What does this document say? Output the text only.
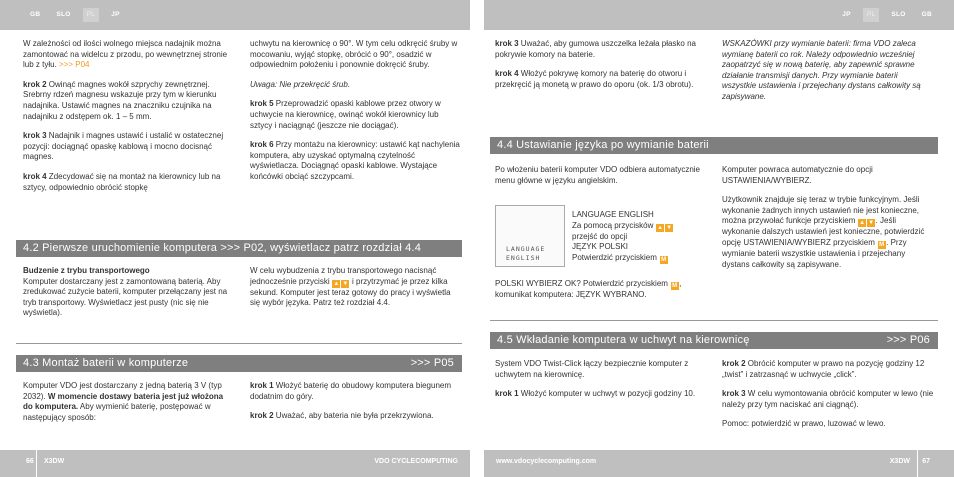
GB SLO PL JP	JP PL SLO GB

W zależności od ilości wolnego miejsca nadajnik można zamontować na widelcu z przodu, po wewnętrznej stronie lub z tyłu. >>> P04

krok 2 Owinąć magnes wokół szprychy zewnętrznej. Srebrny rdzeń magnesu wskazuje przy tym w kierunku nadajnika. Ustawić magnes na znaczniku czujnika na nadajniku z odstępem ok. 1 – 5 mm.

krok 3 Nadajnik i magnes ustawić i ustalić w ostatecznej pozycji: dociągnąć opaskę kablową i mocno docisnąć magnes.

krok 4 Zdecydować się na montaż na kierownicy lub na sztycy, odpowiednio obrócić stopkę

uchwytu na kierownicę o 90°. W tym celu odkręcić śruby w mocowaniu, wyjąć stopkę, obrócić o 90°, osadzić w odpowiednim położeniu i ponownie dokręcić śruby.

Uwaga: Nie przekręcić śrub.

krok 5 Przeprowadzić opaski kablowe przez otwory w uchwycie na kierownicę, owinąć wokół kierownicy lub sztycy i naciągnąć (jeszcze nie dociągać).

krok 6 Przy montażu na kierownicy: ustawić kąt nachylenia komputera, aby uzyskać optymalną czytelność wyświetlacza. Dociągnąć opaski kablowe. Wystające końcówki obciąć szczypcami.

4.2 Pierwsze uruchomienie komputera >>> P02, wyświetlacz patrz rozdział 4.4
Budzenie z trybu transportowego
Komputer dostarczany jest z zamontowaną baterią. Aby zredukować zużycie baterii, komputer przełączany jest na tryb transportowy. Wyświetlacz jest pusty (nic się nie wyświetla).
W celu wybudzenia z trybu transportowego nacisnąć jednocześnie przyciski ▲ ▼ i przytrzymać je przez kilka sekund. Komputer jest teraz gotowy do pracy i wyświetla się wybór języka. Patrz też rozdział 4.4.
4.3 Montaż baterii w komputerze	>>> P05
Komputer VDO jest dostarczany z jedną baterią 3 V (typ 2032). W momencie dostawy bateria jest już włożona do komputera. Aby wymienić baterię, postępować w następujący sposób:

krok 1 Włożyć baterię do obudowy komputera biegunem dodatnim do góry.

krok 2 Uważać, aby bateria nie była przekrzywiona.

krok 3 Uważać, aby gumowa uszczelka leżała płasko na pokrywie komory na baterie.

krok 4 Włożyć pokrywę komory na baterię do otworu i przekręcić ją monetą w prawo do oporu (ok. 1/3 obrotu).

WSKAZÓWKI przy wymianie baterii: firma VDO zaleca wymianę baterii co rok. Należy odpowiednio wcześniej zaopatrzyć się w nową baterię, aby zapewnić sprawne działanie transmisji danych. Przy wymianie baterii wszystkie ustawienia i przejechany dystans całkowity są zapisywane.
4.4 Ustawianie języka po wymianie baterii
Po włożeniu baterii komputer VDO odbiera automatycznie menu główne w języku angielskim.
LANGUAGE
ENGLISH
LANGUAGE ENGLISH
Za pomocą przycisków ▲ ▼
przejść do opcji
JĘZYK POLSKI
Potwierdzić przyciskiem M
POLSKI WYBIERZ OK? Potwierdzić przyciskiem M , komunikat komputera: JĘZYK WYBRANO.

Komputer powraca automatycznie do opcji USTAWIENIA/WYBIERZ.

Użytkownik znajduje się teraz w trybie funkcyjnym. Jeśli wykonanie żadnych innych ustawień nie jest konieczne, można przywołać funkcje przyciskiem ▲ ▼ . Jeśli wykonanie dalszych ustawień jest konieczne, potwierdzić opcję USTAWIENIA/WYBIERZ przyciskiem M . Przy wymianie baterii wszystkie ustawienia i przejechany dystans całkowity są zapisywane.

4.5 Wkładanie komputera w uchwyt na kierownicę	>>> P06

System VDO Twist-Click łączy bezpiecznie komputer z uchwytem na kierownicę.

krok 1 Włożyć komputer w uchwyt w pozycji godziny 10.

krok 2 Obrócić komputer w prawo na pozycję godziny 12 „twist” i zatrzasnąć w uchwycie „click”.

krok 3 W celu wymontowania obrócić komputer w lewo (nie należy przy tym naciskać ani ciągnąć).

Pomoc: potwierdzić w prawo, luzować w lewo.

66 X3DW	VDO CYCLECOMPUTING	www.vdocyclecomputing.com	X3DW 67
